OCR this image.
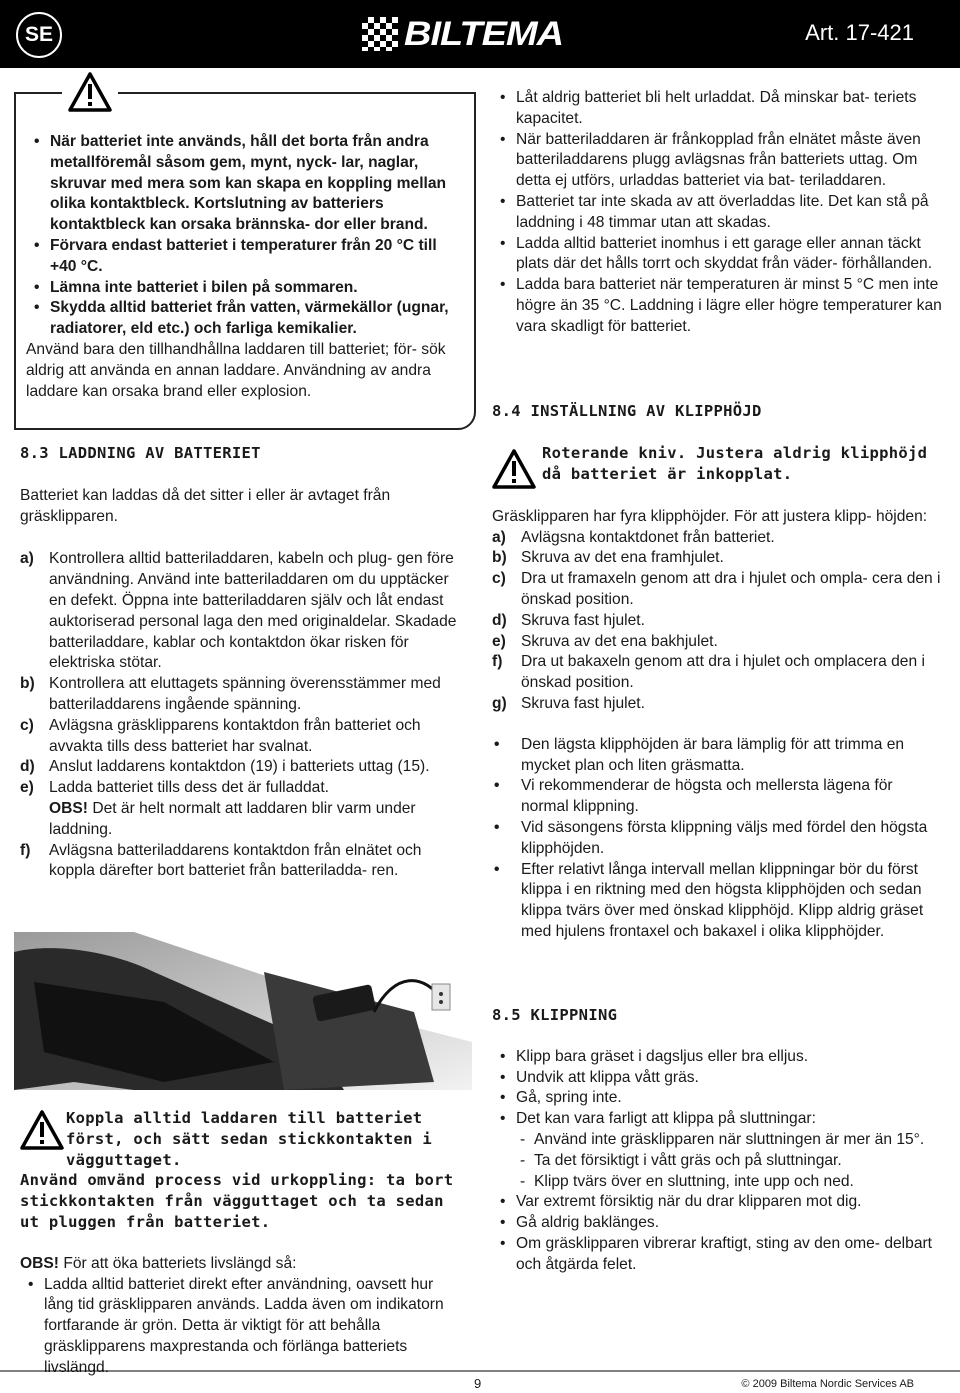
SE	BILTEMA	Art. 17-421

• När batteriet inte används, håll det borta från andra metallföremål såsom gem, mynt, nyck- lar, naglar, skruvar med mera som kan skapa en koppling mellan olika kontaktbleck. Kortslutning av batteriers kontaktbleck kan orsaka brännska- dor eller brand.

• Förvara endast batteriet i temperaturer från 20 °C till +40 °C.

• Lämna inte batteriet i bilen på sommaren.

• Skydda alltid batteriet från vatten, värmekällor (ugnar, radiatorer, eld etc.) och farliga kemikalier.

Använd bara den tillhandhållna laddaren till batteriet; för- sök aldrig att använda en annan laddare. Användning av andra laddare kan orsaka brand eller explosion.

8.3 LADDNING AV BATTERIET

Batteriet kan laddas då det sitter i eller är avtaget från gräsklipparen.

a) Kontrollera alltid batteriladdaren, kabeln och plug- gen före användning. Använd inte batteriladdaren om du upptäcker en defekt. Öppna inte batteriladdaren själv och låt endast auktoriserad personal laga den med originaldelar. Skadade batteriladdare, kablar och kontaktdon ökar risken för elektriska stötar.

b) Kontrollera att eluttagets spänning överensstämmer med batteriladdarens ingående spänning.

c) Avlägsna gräsklipparens kontaktdon från batteriet och avvakta tills dess batteriet har svalnat.

d) Anslut laddarens kontaktdon (19) i batteriets uttag (15).

e) Ladda batteriet tills dess det är fulladdat.

OBS! Det är helt normalt att laddaren blir varm under laddning.

f) Avlägsna batteriladdarens kontaktdon från elnätet och koppla därefter bort batteriet från batteriladda- ren.

Koppla alltid laddaren till batteriet först, och sätt sedan stickkontakten i vägguttaget.

Använd omvänd process vid urkoppling: ta bort stickkontakten från vägguttaget och ta sedan ut pluggen från batteriet.

OBS! För att öka batteriets livslängd så:

• Ladda alltid batteriet direkt efter användning, oavsett hur lång tid gräsklipparen används. Ladda även om indikatorn fortfarande är grön. Detta är viktigt för att behålla gräsklipparens maxprestanda och förlänga batteriets livslängd.

• Låt aldrig batteriet bli helt urladdat. Då minskar bat- teriets kapacitet.

• När batteriladdaren är frånkopplad från elnätet måste även batteriladdarens plugg avlägsnas från batteriets uttag. Om detta ej utförs, urladdas batteriet via bat- teriladdaren.

• Batteriet tar inte skada av att överladdas lite. Det kan stå på laddning i 48 timmar utan att skadas.

• Ladda alltid batteriet inomhus i ett garage eller annan täckt plats där det hålls torrt och skyddat från väder- förhållanden.

• Ladda bara batteriet när temperaturen är minst 5 °C men inte högre än 35 °C. Laddning i lägre eller högre temperaturer kan vara skadligt för batteriet.

8.4 INSTÄLLNING AV KLIPPHÖJD

Roterande kniv. Justera aldrig klipphöjd då batteriet är inkopplat.

Gräsklipparen har fyra klipphöjder. För att justera klipp- höjden:

a) Avlägsna kontaktdonet från batteriet.

b) Skruva av det ena framhjulet.

c) Dra ut framaxeln genom att dra i hjulet och ompla- cera den i önskad position.

d) Skruva fast hjulet.

e) Skruva av det ena bakhjulet.

f) Dra ut bakaxeln genom att dra i hjulet och omplacera den i önskad position.

g) Skruva fast hjulet.

• Den lägsta klipphöjden är bara lämplig för att trimma en mycket plan och liten gräsmatta.

• Vi rekommenderar de högsta och mellersta lägena för normal klippning.

• Vid säsongens första klippning väljs med fördel den högsta klipphöjden.

• Efter relativt långa intervall mellan klippningar bör du först klippa i en riktning med den högsta klipphöjden och sedan klippa tvärs över med önskad klipphöjd. Klipp aldrig gräset med hjulens frontaxel och bakaxel i olika klipphöjder.

8.5 KLIPPNING

• Klipp bara gräset i dagsljus eller bra elljus.

• Undvik att klippa vått gräs.

• Gå, spring inte.

• Det kan vara farligt att klippa på sluttningar:

- Använd inte gräsklipparen när sluttningen är mer än 15°.

- Ta det försiktigt i vått gräs och på sluttningar.

- Klipp tvärs över en sluttning, inte upp och ned.

• Var extremt försiktig när du drar klipparen mot dig.

• Gå aldrig baklänges.

• Om gräsklipparen vibrerar kraftigt, sting av den ome- delbart och åtgärda felet.

9	© 2009 Biltema Nordic Services AB
